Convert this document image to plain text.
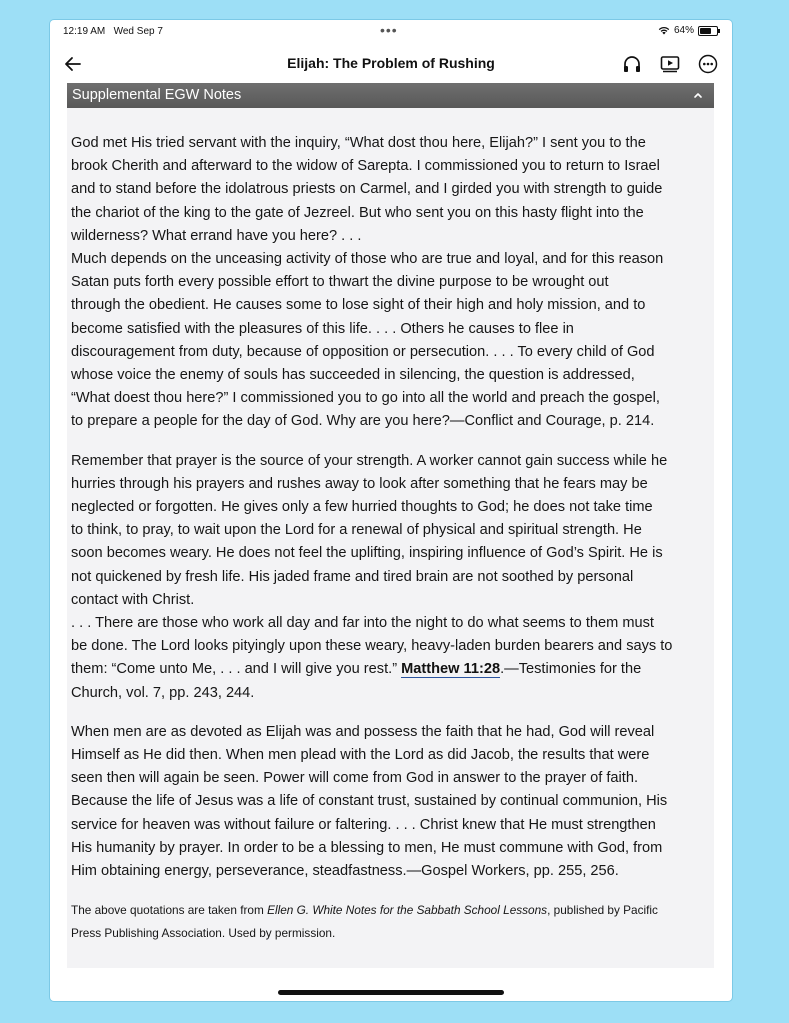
12:19 AM Wed Sep 7	•••	64%
Elijah: The Problem of Rushing
Supplemental EGW Notes

God met His tried servant with the inquiry, “What dost thou here, Elijah?” I sent you to the
brook Cherith and afterward to the widow of Sarepta. I commissioned you to return to Israel
and to stand before the idolatrous priests on Carmel, and I girded you with strength to guide
the chariot of the king to the gate of Jezreel. But who sent you on this hasty flight into the
wilderness? What errand have you here? . . .
Much depends on the unceasing activity of those who are true and loyal, and for this reason
Satan puts forth every possible effort to thwart the divine purpose to be wrought out
through the obedient. He causes some to lose sight of their high and holy mission, and to
become satisfied with the pleasures of this life. . . . Others he causes to flee in
discouragement from duty, because of opposition or persecution. . . . To every child of God
whose voice the enemy of souls has succeeded in silencing, the question is addressed,
“What doest thou here?” I commissioned you to go into all the world and preach the gospel,
to prepare a people for the day of God. Why are you here?—Conflict and Courage, p. 214.

Remember that prayer is the source of your strength. A worker cannot gain success while he
hurries through his prayers and rushes away to look after something that he fears may be
neglected or forgotten. He gives only a few hurried thoughts to God; he does not take time
to think, to pray, to wait upon the Lord for a renewal of physical and spiritual strength. He
soon becomes weary. He does not feel the uplifting, inspiring influence of God’s Spirit. He is
not quickened by fresh life. His jaded frame and tired brain are not soothed by personal
contact with Christ.
. . . There are those who work all day and far into the night to do what seems to them must
be done. The Lord looks pityingly upon these weary, heavy-laden burden bearers and says to
them: “Come unto Me, . . . and I will give you rest.” Matthew 11:28.—Testimonies for the
Church, vol. 7, pp. 243, 244.

When men are as devoted as Elijah was and possess the faith that he had, God will reveal
Himself as He did then. When men plead with the Lord as did Jacob, the results that were
seen then will again be seen. Power will come from God in answer to the prayer of faith.
Because the life of Jesus was a life of constant trust, sustained by continual communion, His
service for heaven was without failure or faltering. . . . Christ knew that He must strengthen
His humanity by prayer. In order to be a blessing to men, He must commune with God, from
Him obtaining energy, perseverance, steadfastness.—Gospel Workers, pp. 255, 256.

The above quotations are taken from Ellen G. White Notes for the Sabbath School Lessons, published by Pacific
Press Publishing Association. Used by permission.
